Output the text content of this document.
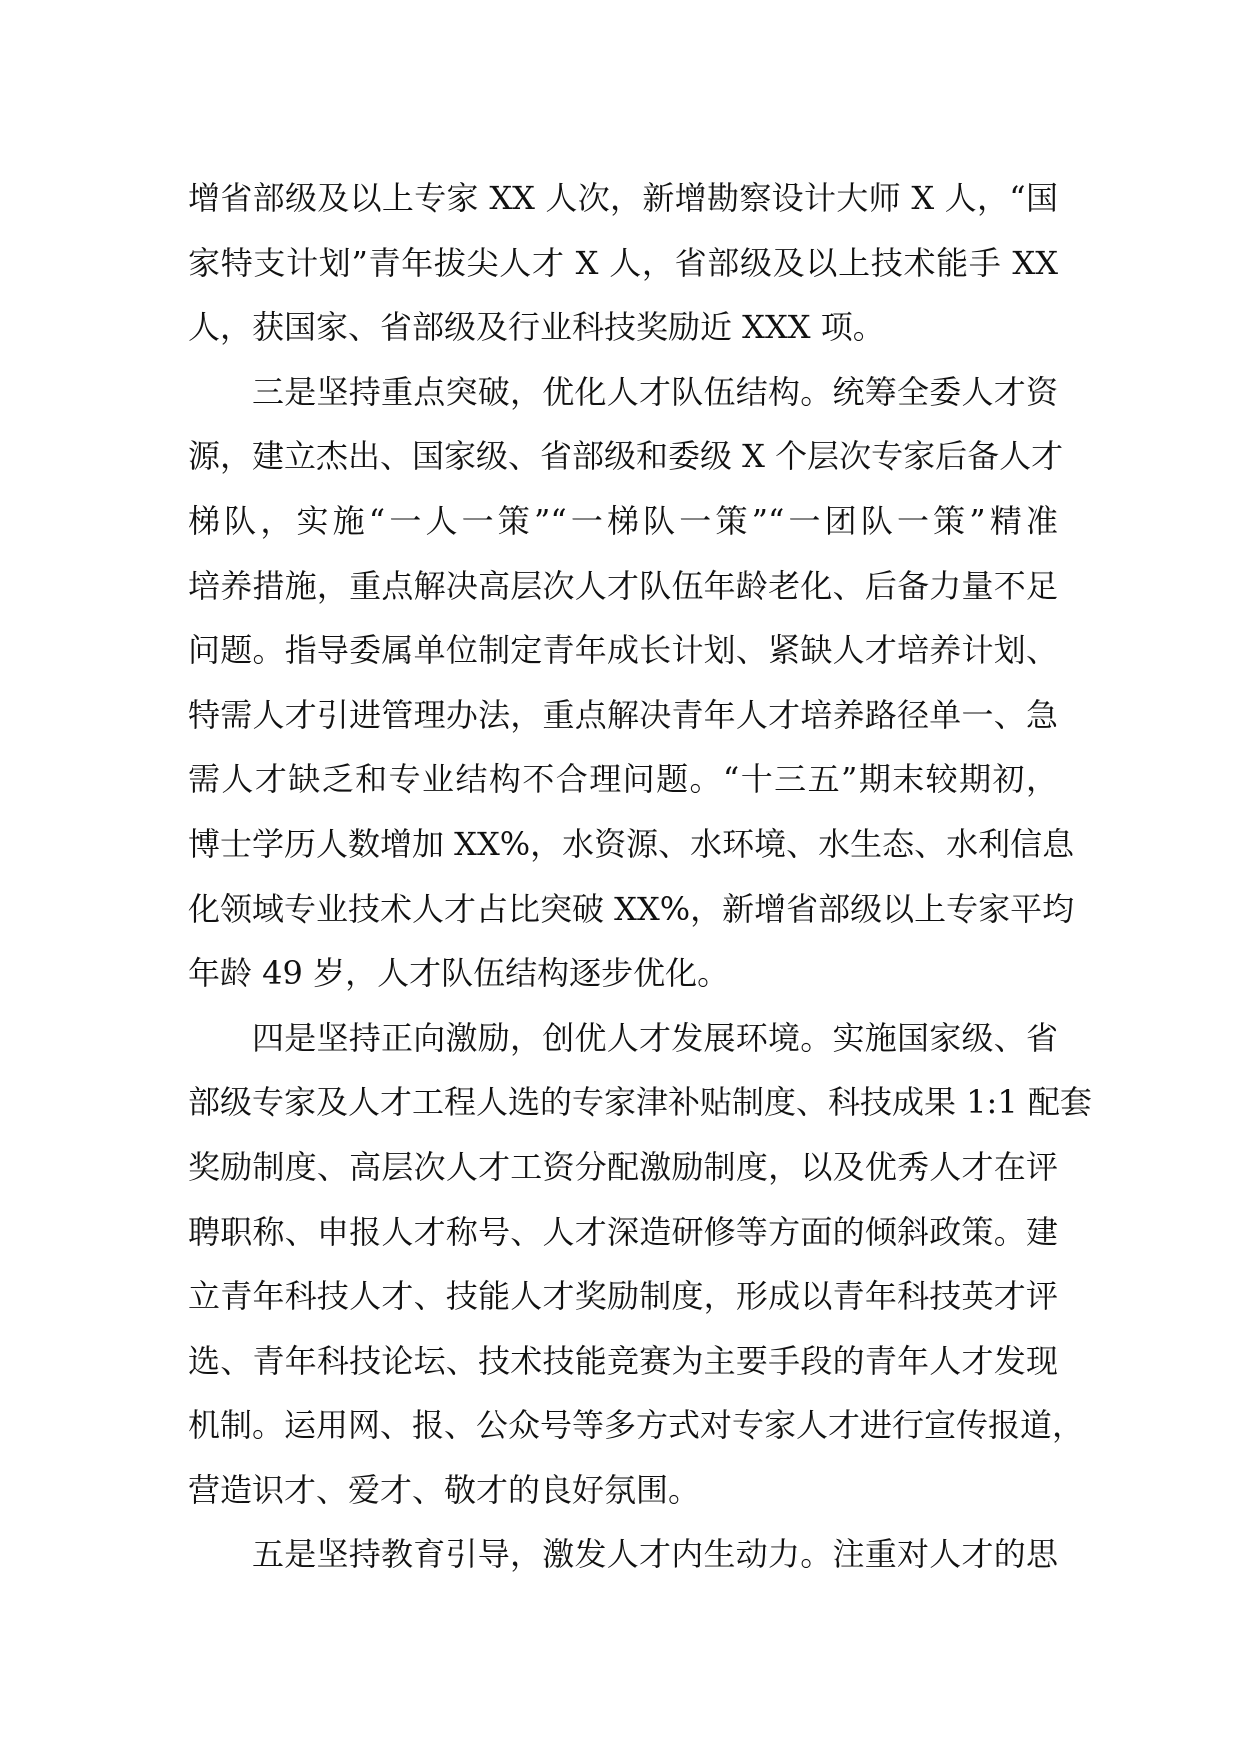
增省部级及以上专家 XX 人次，新增勘察设计大师 X 人，“国
家特支计划”青年拔尖人才 X 人，省部级及以上技术能手 XX
人，获国家、省部级及行业科技奖励近 XXX 项。
三是坚持重点突破，优化人才队伍结构。统筹全委人才资
源，建立杰出、国家级、省部级和委级 X 个层次专家后备人才
梯队，实施“一人一策”“一梯队一策”“一团队一策”精准
培养措施，重点解决高层次人才队伍年龄老化、后备力量不足
问题。指导委属单位制定青年成长计划、紧缺人才培养计划、
特需人才引进管理办法，重点解决青年人才培养路径单一、急
需人才缺乏和专业结构不合理问题。“十三五”期末较期初，
博士学历人数增加 XX%，水资源、水环境、水生态、水利信息
化领域专业技术人才占比突破 XX%，新增省部级以上专家平均
年龄 49 岁，人才队伍结构逐步优化。
四是坚持正向激励，创优人才发展环境。实施国家级、省
部级专家及人才工程人选的专家津补贴制度、科技成果 1:1 配套
奖励制度、高层次人才工资分配激励制度，以及优秀人才在评
聘职称、申报人才称号、人才深造研修等方面的倾斜政策。建
立青年科技人才、技能人才奖励制度，形成以青年科技英才评
选、青年科技论坛、技术技能竞赛为主要手段的青年人才发现
机制。运用网、报、公众号等多方式对专家人才进行宣传报道，
营造识才、爱才、敬才的良好氛围。
五是坚持教育引导，激发人才内生动力。注重对人才的思
